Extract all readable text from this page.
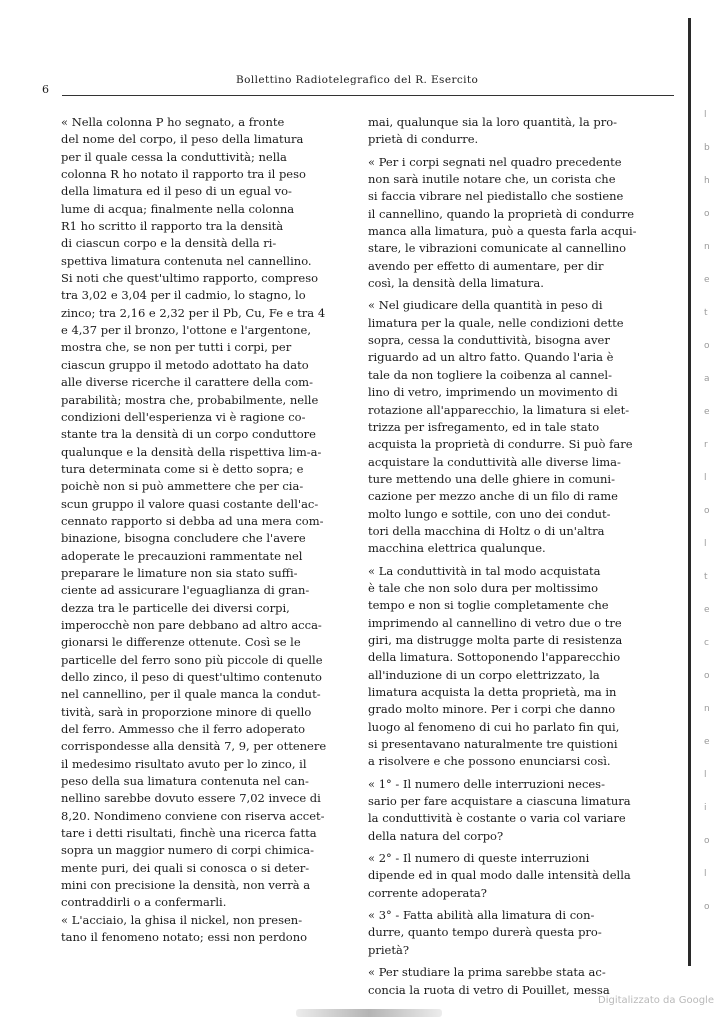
6
Bollettino Radiotelegrafico del R. Esercito
« Nella colonna P ho segnato, a fronte
del nome del corpo, il peso della limatura
per il quale cessa la conduttività; nella
colonna R ho notato il rapporto tra il peso
della limatura ed il peso di un egual vo-
lume di acqua; finalmente nella colonna
R1 ho scritto il rapporto tra la densità
di ciascun corpo e la densità della ri-
spettiva limatura contenuta nel cannellino.
Si noti che quest'ultimo rapporto, compreso
tra 3,02 e 3,04 per il cadmio, lo stagno, lo
zinco; tra 2,16 e 2,32 per il Pb, Cu, Fe e tra 4
e 4,37 per il bronzo, l'ottone e l'argentone,
mostra che, se non per tutti i corpi, per
ciascun gruppo il metodo adottato ha dato
alle diverse ricerche il carattere della com-
parabilità; mostra che, probabilmente, nelle
condizioni dell'esperienza vi è ragione co-
stante tra la densità di un corpo conduttore
qualunque e la densità della rispettiva lim-a-
tura determinata come si è detto sopra; e
poichè non si può ammettere che per cia-
scun gruppo il valore quasi costante dell'ac-
cennato rapporto si debba ad una mera com-
binazione, bisogna concludere che l'avere
adoperate le precauzioni rammentate nel
preparare le limature non sia stato suffi-
ciente ad assicurare l'eguaglianza di gran-
dezza tra le particelle dei diversi corpi,
imperocchè non pare debbano ad altro acca-
gionarsi le differenze ottenute. Così se le
particelle del ferro sono più piccole di quelle
dello zinco, il peso di quest'ultimo contenuto
nel cannellino, per il quale manca la condut-
tività, sarà in proporzione minore di quello
del ferro. Ammesso che il ferro adoperato
corrispondesse alla densità 7, 9, per ottenere
il medesimo risultato avuto per lo zinco, il
peso della sua limatura contenuta nel can-
nellino sarebbe dovuto essere 7,02 invece di
8,20. Nondimeno conviene con riserva accet-
tare i detti risultati, finchè una ricerca fatta
sopra un maggior numero di corpi chimica-
mente puri, dei quali si conosca o si deter-
mini con precisione la densità, non verrà a
contraddirli o a confermarli.
« L'acciaio, la ghisa il nickel, non presen-
tano il fenomeno notato; essi non perdono
mai, qualunque sia la loro quantità, la pro-
prietà di condurre.
« Per i corpi segnati nel quadro precedente
non sarà inutile notare che, un corista che
si faccia vibrare nel piedistallo che sostiene
il cannellino, quando la proprietà di condurre
manca alla limatura, può a questa farla acqui-
stare, le vibrazioni comunicate al cannellino
avendo per effetto di aumentare, per dir
così, la densità della limatura.
« Nel giudicare della quantità in peso di
limatura per la quale, nelle condizioni dette
sopra, cessa la conduttività, bisogna aver
riguardo ad un altro fatto. Quando l'aria è
tale da non togliere la coibenza al cannel-
lino di vetro, imprimendo un movimento di
rotazione all'apparecchio, la limatura si elet-
trizza per isfregamento, ed in tale stato
acquista la proprietà di condurre. Si può fare
acquistare la conduttività alle diverse lima-
ture mettendo una delle ghiere in comuni-
cazione per mezzo anche di un filo di rame
molto lungo e sottile, con uno dei condut-
tori della macchina di Holtz o di un'altra
macchina elettrica qualunque.
« La conduttività in tal modo acquistata
è tale che non solo dura per moltissimo
tempo e non si toglie completamente che
imprimendo al cannellino di vetro due o tre
giri, ma distrugge molta parte di resistenza
della limatura. Sottoponendo l'apparecchio
all'induzione di un corpo elettrizzato, la
limatura acquista la detta proprietà, ma in
grado molto minore. Per i corpi che danno
luogo al fenomeno di cui ho parlato fin qui,
si presentavano naturalmente tre quistioni
a risolvere e che possono enunciarsi così.
« 1° - Il numero delle interruzioni neces-
sario per fare acquistare a ciascuna limatura
la conduttività è costante o varia col variare
della natura del corpo?
« 2° - Il numero di queste interruzioni
dipende ed in qual modo dalle intensità della
corrente adoperata?
« 3° - Fatta abilità alla limatura di con-
durre, quanto tempo durerà questa pro-
prietà?
« Per studiare la prima sarebbe stata ac-
concia la ruota di vetro di Pouillet, messa
l
b
h
o
n
e
t
o
a
e
r
l
o
l
t
e
c
o
n
e
l
i
o
l
o
Digitalizzato da Google
